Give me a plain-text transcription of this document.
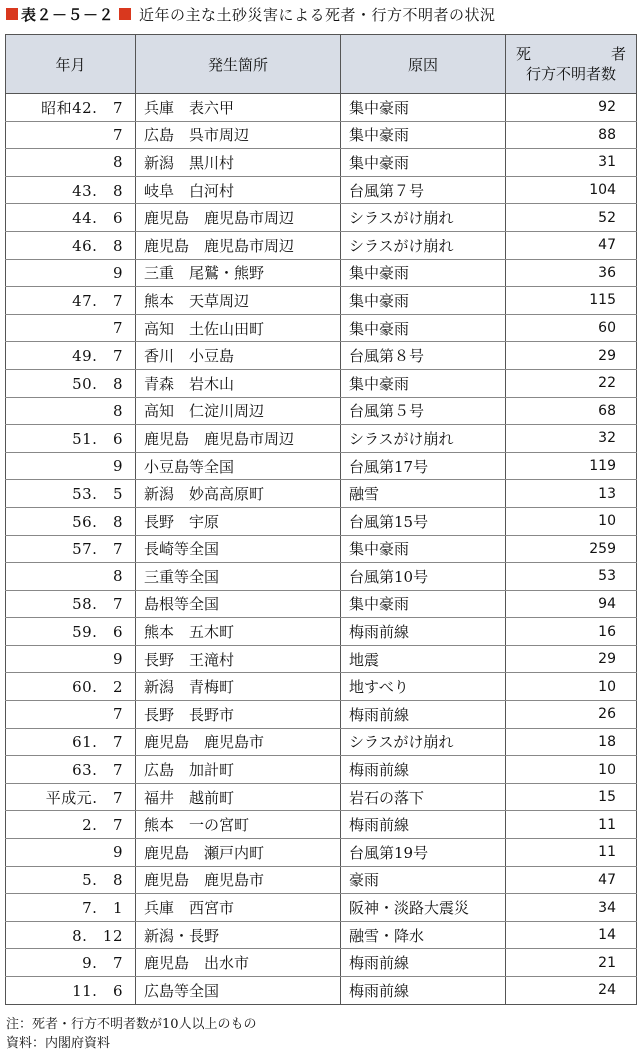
表２－５－２ 近年の主な土砂災害による死者・行方不明者の状況
年月	発生箇所	原因	死 者
行方不明者数

昭和42.　7	兵庫　表六甲	集中豪雨	92
7	広島　呉市周辺	集中豪雨	88
8	新潟　黒川村	集中豪雨	31
43.　8	岐阜　白河村	台風第７号	104
44.　6	鹿児島　鹿児島市周辺	シラスがけ崩れ	52
46.　8	鹿児島　鹿児島市周辺	シラスがけ崩れ	47
9	三重　尾鷲・熊野	集中豪雨	36
47.　7	熊本　天草周辺	集中豪雨	115
7	高知　土佐山田町	集中豪雨	60
49.　7	香川　小豆島	台風第８号	29
50.　8	青森　岩木山	集中豪雨	22
8	高知　仁淀川周辺	台風第５号	68
51.　6	鹿児島　鹿児島市周辺	シラスがけ崩れ	32
9	小豆島等全国	台風第17号	119
53.　5	新潟　妙高高原町	融雪	13
56.　8	長野　宇原	台風第15号	10
57.　7	長崎等全国	集中豪雨	259
8	三重等全国	台風第10号	53
58.　7	島根等全国	集中豪雨	94
59.　6	熊本　五木町	梅雨前線	16
9	長野　王滝村	地震	29
60.　2	新潟　青梅町	地すべり	10
7	長野　長野市	梅雨前線	26
61.　7	鹿児島　鹿児島市	シラスがけ崩れ	18
63.　7	広島　加計町	梅雨前線	10
平成元.　7	福井　越前町	岩石の落下	15
2.　7	熊本　一の宮町	梅雨前線	11
9	鹿児島　瀬戸内町	台風第19号	11
5.　8	鹿児島　鹿児島市	豪雨	47
7.　1	兵庫　西宮市	阪神・淡路大震災	34
8.　12	新潟・長野	融雪・降水	14
9.　7	鹿児島　出水市	梅雨前線	21
11.　6	広島等全国	梅雨前線	24
注：死者・行方不明者数が10人以上のもの
資料：内閣府資料
